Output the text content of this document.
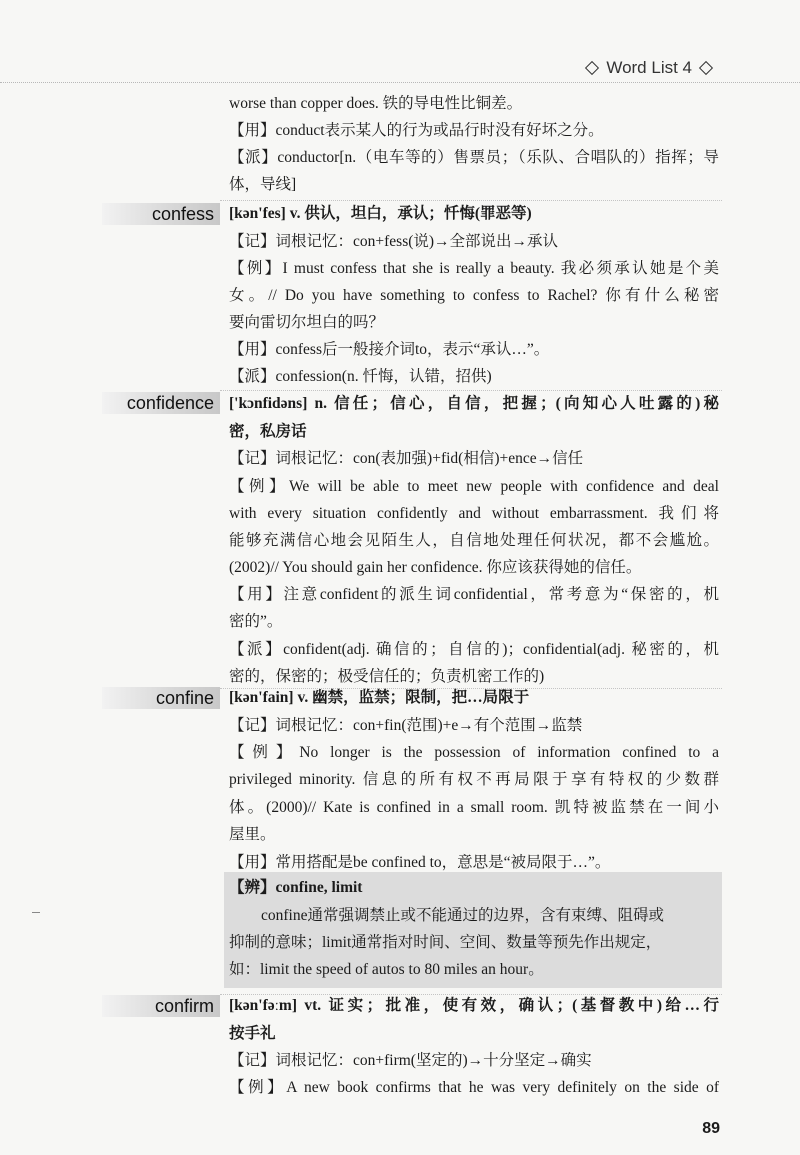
Word List 4
worse than copper does. 铁的导电性比铜差。
【用】conduct表示某人的行为或品行时没有好坏之分。
【派】conductor[n.（电车等的）售票员；（乐队、合唱队的）指挥；导
体，导线]
confess [kən'fes] v. 供认，坦白，承认；忏悔(罪恶等)
【记】词根记忆：con+fess(说)→全部说出→承认
【例】I must confess that she is really a beauty. 我必须承认她是个美
女。// Do you have something to confess to Rachel? 你有什么秘密
要向雷切尔坦白的吗？
【用】confess后一般接介词to，表示“承认…”。
【派】confession(n. 忏悔，认错，招供)
confidence ['kɔnfidəns] n. 信任；信心，自信，把握；(向知心人吐露的)秘
密，私房话
【记】词根记忆：con(表加强)+fid(相信)+ence→信任
【例】We will be able to meet new people with confidence and deal
with every situation confidently and without embarrassment. 我们将
能够充满信心地会见陌生人，自信地处理任何状况，都不会尴尬。
(2002)// You should gain her confidence. 你应该获得她的信任。
【用】注意confident的派生词confidential，常考意为“保密的，机
密的”。
【派】confident(adj. 确信的；自信的)；confidential(adj. 秘密的，机
密的，保密的；极受信任的；负责机密工作的)
confine [kən'fain] v. 幽禁，监禁；限制，把…局限于
【记】词根记忆：con+fin(范围)+e→有个范围→监禁
【例】No longer is the possession of information confined to a
privileged minority. 信息的所有权不再局限于享有特权的少数群
体。(2000)// Kate is confined in a small room. 凯特被监禁在一间小
屋里。
【用】常用搭配是be confined to，意思是“被局限于…”。
【辨】confine, limit
confine通常强调禁止或不能通过的边界，含有束缚、阻碍或
抑制的意味；limit通常指对时间、空间、数量等预先作出规定，
如：limit the speed of autos to 80 miles an hour。
confirm [kən'fəːm] vt. 证实；批准，使有效，确认；(基督教中)给…行
按手礼
【记】词根记忆：con+firm(坚定的)→十分坚定→确实
【例】A new book confirms that he was very definitely on the side of
89
